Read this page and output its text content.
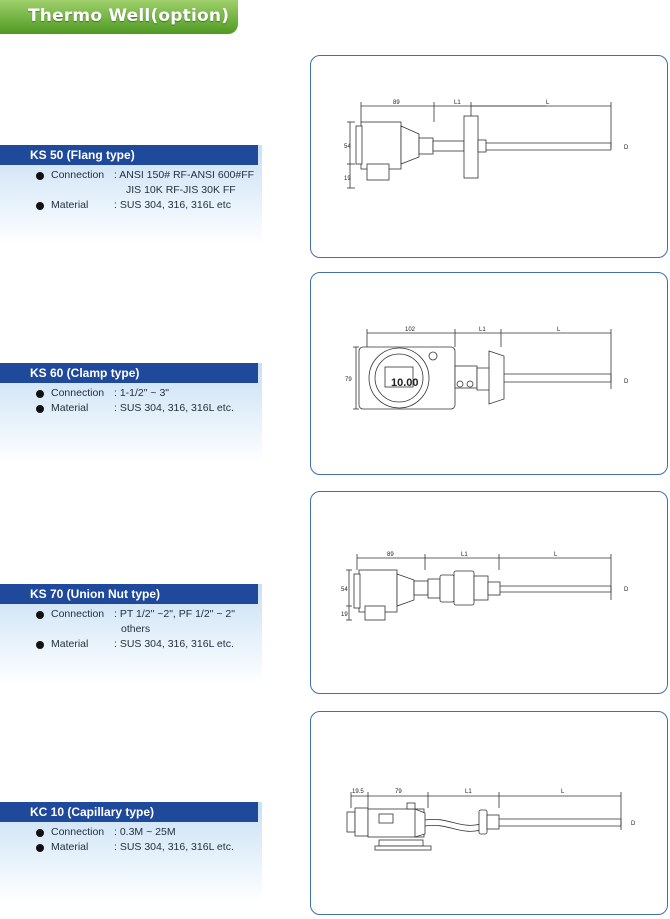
Thermo Well(option)
KS 50 (Flang type)
Connection : ANSI 150# RF-ANSI 600#FF
JIS 10K RF-JIS 30K FF
Material : SUS 304, 316, 316L etc
KS 60 (Clamp type)
Connection : 1-1/2" ~ 3"
Material : SUS 304, 316, 316L etc.
KS 70 (Union Nut type)
Connection : PT 1/2" ~2", PF 1/2" ~ 2"
others
Material : SUS 304, 316, 316L etc.
KC 10 (Capillary type)
Connection : 0.3M ~ 25M
Material : SUS 304, 316, 316L etc.
89	L1	L
54
19
D
10.00
102	L1	L
79	D
89	L1	L
54
19
D
19.5	79	L1	L
D
